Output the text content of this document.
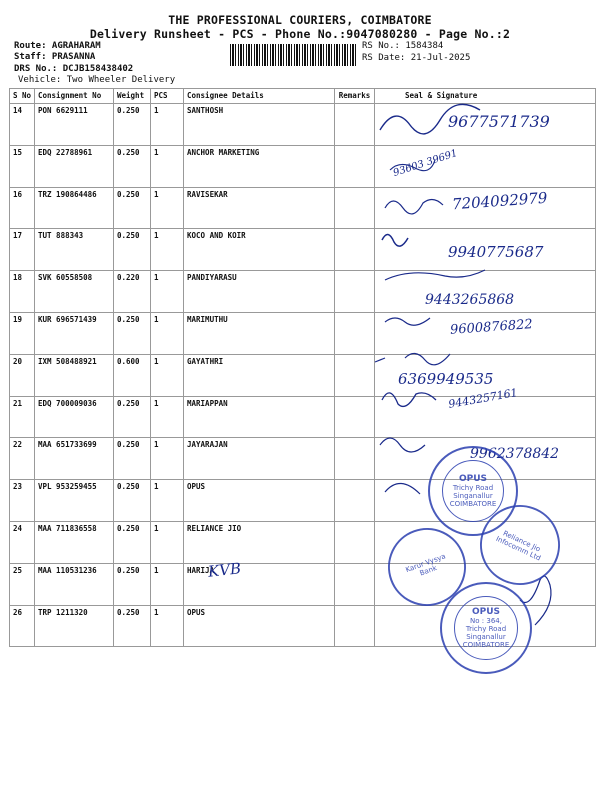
THE PROFESSIONAL COURIERS, COIMBATORE
Delivery Runsheet - PCS - Phone No.:9047080280 - Page No.:2
Route: AGRAHARAM
Staff: PRASANNA
DRS No.: DCJB158438402
Vehicle: Two Wheeler Delivery
RS No.: 1584384
RS Date: 21-Jul-2025
S No	Consignment No	Weight	PCS	Consignee Details	Remarks	Seal & Signature
14	PON 6629111	0.250	1	SANTHOSH		
15	EDQ 22788961	0.250	1	ANCHOR MARKETING		
16	TRZ 190864486	0.250	1	RAVISEKAR		
17	TUT 888343	0.250	1	KOCO AND KOIR		
18	SVK 60558508	0.220	1	PANDIYARASU		
19	KUR 696571439	0.250	1	MARIMUTHU		
20	IXM 508488921	0.600	1	GAYATHRI		
21	EDQ 700009036	0.250	1	MARIAPPAN		
22	MAA 651733699	0.250	1	JAYARAJAN		
23	VPL 953259455	0.250	1	OPUS		
24	MAA 711836558	0.250	1	RELIANCE JIO		
25	MAA 110531236	0.250	1	HARIJA		
26	TRP 1211320	0.250	1	OPUS		
9677571739
93603 39691
7204092979
9940775687
9443265868
9600876822
6369949535
9443257161
9962378842
KVB
OPUS
Trichy Road
Singanallur
COIMBATORE
Reliance Jio Infocomm Ltd
Karur Vysya Bank
OPUS
No : 364,
Trichy Road
Singanallur
COIMBATORE
